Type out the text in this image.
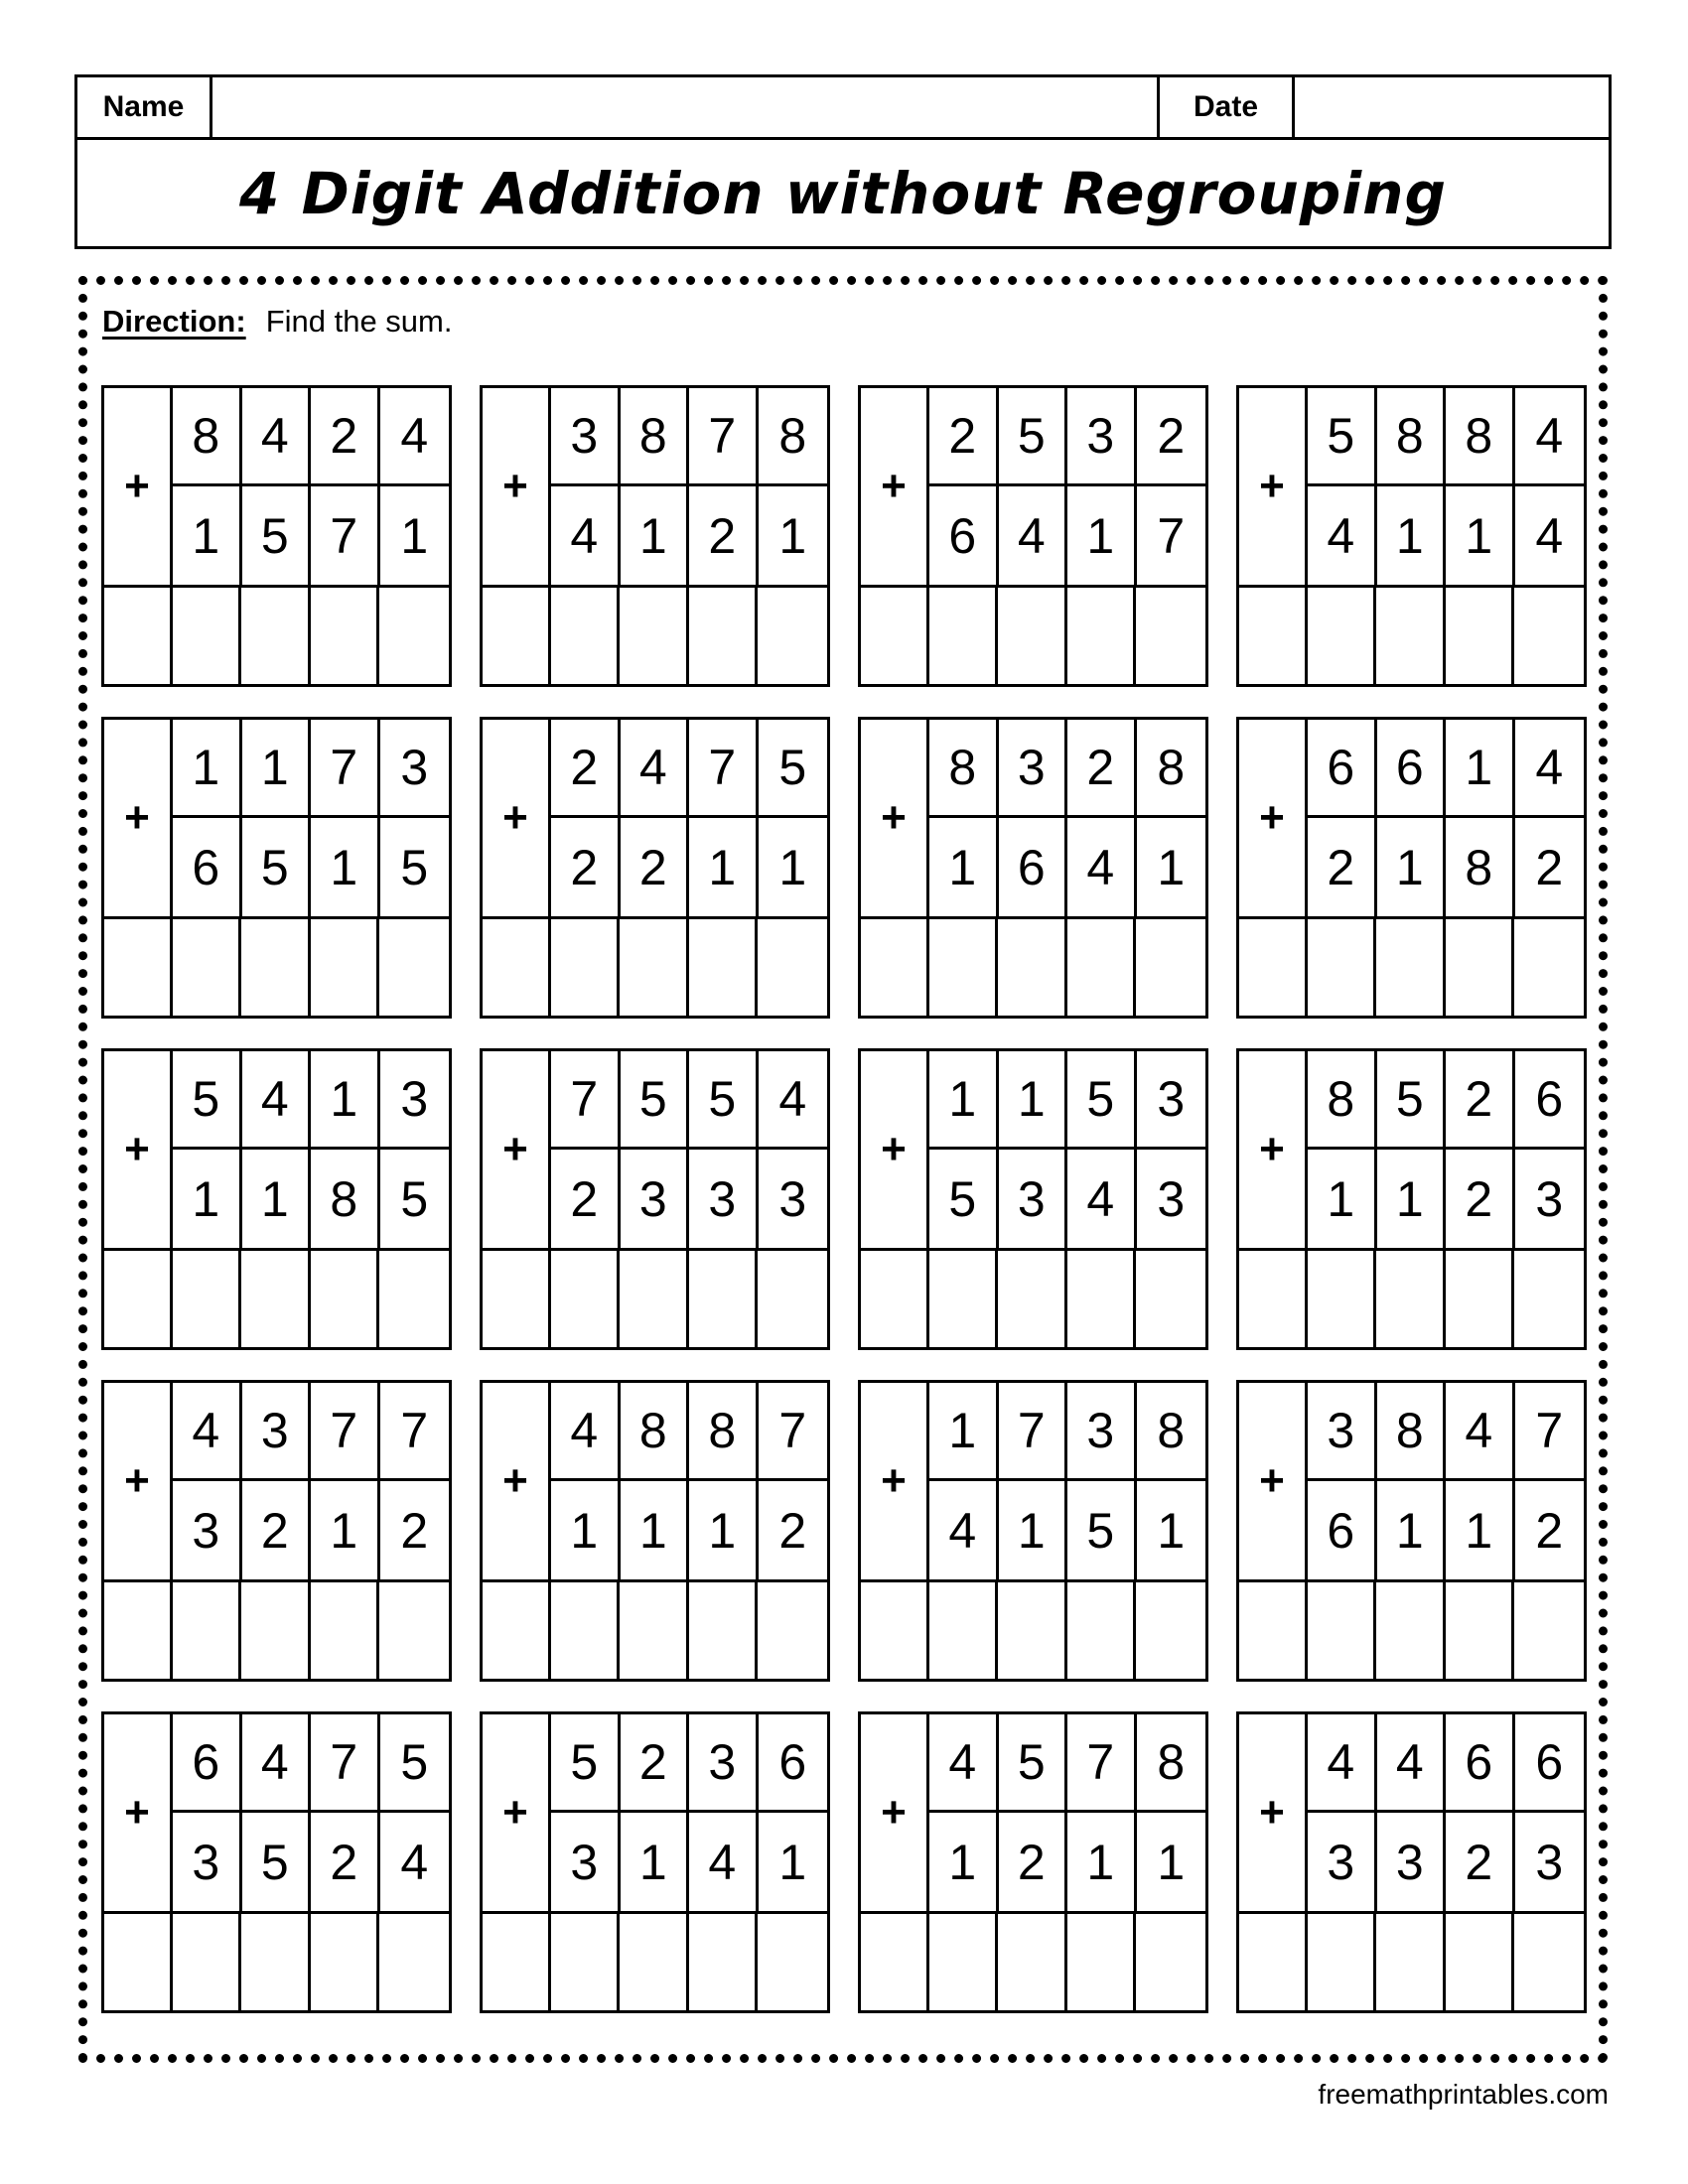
Name	Date
4 Digit Addition without Regrouping
Direction: Find the sum.
+
8 4 2 4
1 5 7 1
+
3 8 7 8
4 1 2 1
+
2 5 3 2
6 4 1 7
+
5 8 8 4
4 1 1 4
+
1 1 7 3
6 5 1 5
+
2 4 7 5
2 2 1 1
+
8 3 2 8
1 6 4 1
+
6 6 1 4
2 1 8 2
+
5 4 1 3
1 1 8 5
+
7 5 5 4
2 3 3 3
+
1 1 5 3
5 3 4 3
+
8 5 2 6
1 1 2 3
+
4 3 7 7
3 2 1 2
+
4 8 8 7
1 1 1 2
+
1 7 3 8
4 1 5 1
+
3 8 4 7
6 1 1 2
+
6 4 7 5
3 5 2 4
+
5 2 3 6
3 1 4 1
+
4 5 7 8
1 2 1 1
+
4 4 6 6
3 3 2 3
freemathprintables.com
